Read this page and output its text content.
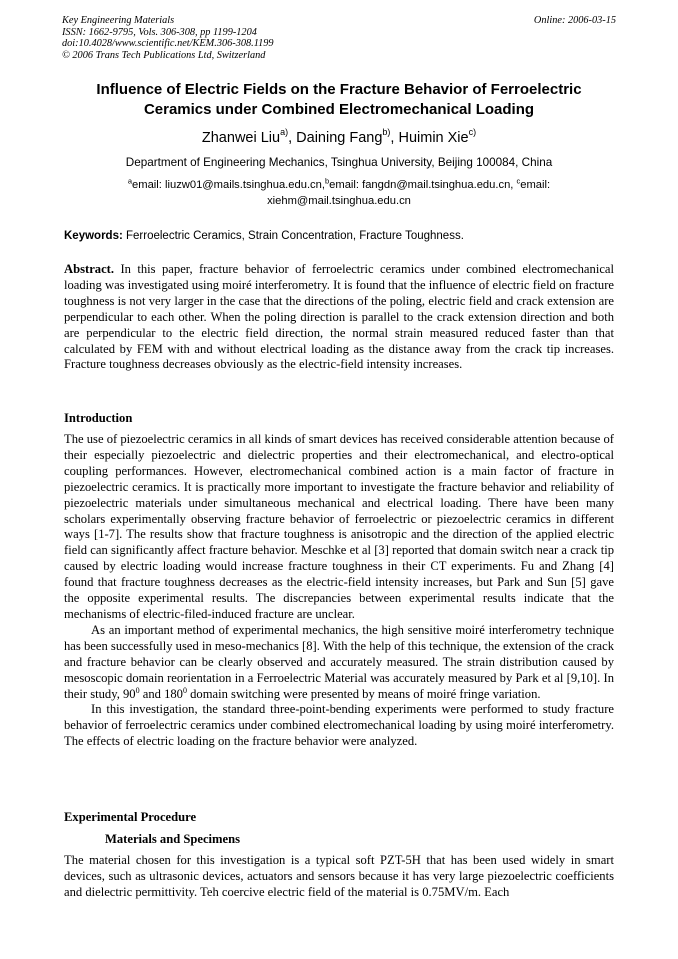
Key Engineering Materials
ISSN: 1662-9795, Vols. 306-308, pp 1199-1204
doi:10.4028/www.scientific.net/KEM.306-308.1199
© 2006 Trans Tech Publications Ltd, Switzerland
Online: 2006-03-15
Influence of Electric Fields on the Fracture Behavior of Ferroelectric Ceramics under Combined Electromechanical Loading
Zhanwei Liu$^{a)}$, Daining Fang$^{b)}$, Huimin Xie$^{c)}$
Department of Engineering Mechanics, Tsinghua University, Beijing 100084, China
$^a$email: liuzw01@mails.tsinghua.edu.cn,$^b$email: fangdn@mail.tsinghua.edu.cn, $^c$email: xiehm@mail.tsinghua.edu.cn
Keywords: Ferroelectric Ceramics, Strain Concentration, Fracture Toughness.
Abstract. In this paper, fracture behavior of ferroelectric ceramics under combined electromechanical loading was investigated using moiré interferometry. It is found that the influence of electric field on fracture toughness is not very larger in the case that the directions of the poling, electric field and crack extension are perpendicular to each other. When the poling direction is parallel to the crack extension direction and both are perpendicular to the electric field direction, the normal strain measured reduced faster than that calculated by FEM with and without electrical loading as the distance away from the crack tip increases. Fracture toughness decreases obviously as the electric-field intensity increases.
Introduction

The use of piezoelectric ceramics in all kinds of smart devices has received considerable attention because of their especially piezoelectric and dielectric properties and their electromechanical, and electro-optical coupling performances. However, electromechanical combined action is a main factor of fracture in piezoelectric ceramics. It is practically more important to investigate the fracture behavior and reliability of piezoelectric materials under simultaneous mechanical and electrical loading. There have been many scholars experimentally observing fracture behavior of ferroelectric or piezoelectric ceramics in different ways [1-7]. The results show that fracture toughness is anisotropic and the direction of the applied electric field can significantly affect fracture behavior. Meschke et al [3] reported that domain switch near a crack tip caused by electric loading would increase fracture toughness in their CT experiments. Fu and Zhang [4] found that fracture toughness decreases as the electric-field intensity increases, but Park and Sun [5] gave the opposite experimental results. The discrepancies between experimental results indicate that the mechanisms of electric-filed-induced fracture are unclear.

As an important method of experimental mechanics, the high sensitive moiré interferometry technique has been successfully used in meso-mechanics [8]. With the help of this technique, the extension of the crack and fracture behavior can be clearly observed and accurately measured. The strain distribution caused by mesoscopic domain reorientation in a Ferroelectric Material was accurately measured by Park et al [9,10]. In their study, $90^0$ and $180^0$ domain switching were presented by means of moiré fringe variation.

In this investigation, the standard three-point-bending experiments were performed to study fracture behavior of ferroelectric ceramics under combined electromechanical loading by using moiré interferometry. The effects of electric loading on the fracture behavior were analyzed.

Experimental Procedure
Materials and Specimens
The material chosen for this investigation is a typical soft PZT-5H that has been used widely in smart devices, such as ultrasonic devices, actuators and sensors because it has very large piezoelectric coefficients and dielectric permittivity. Teh coercive electric field of the material is 0.75MV/m. Each
